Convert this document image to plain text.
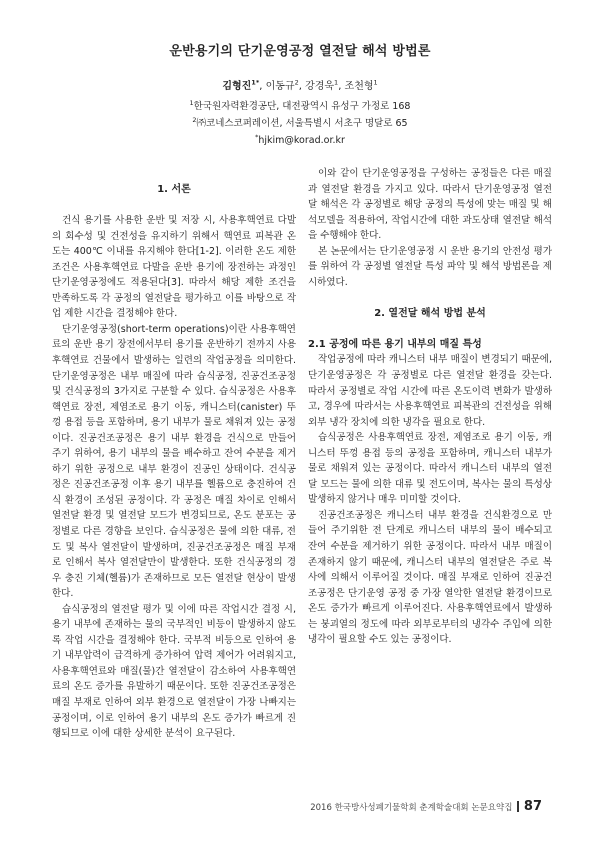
운반용기의 단기운영공정 열전달 해석 방법론
김형진$^{1*}$, 이동규$^2$, 강경욱$^1$, 조천형$^1$
$^1$한국원자력환경공단, 대전광역시 유성구 가정로 168
$^2$㈜코네스코퍼레이션, 서울특별시 서초구 명달로 65
*hjkim@korad.or.kr
1. 서론

건식 용기를 사용한 운반 및 저장 시, 사용후핵연료 다발의 회수성 및 건전성을 유지하기 위해서 핵연료 피복관 온도는 400℃ 이내를 유지해야 한다[1-2]. 이러한 온도 제한 조건은 사용후핵연료 다발을 운반 용기에 장전하는 과정인 단기운영공정에도 적용된다[3]. 따라서 해당 제한 조건을 만족하도록 각 공정의 열전달을 평가하고 이를 바탕으로 작업 제한 시간을 결정해야 한다.

단기운영공정(short-term operations)이란 사용후핵연료의 운반 용기 장전에서부터 용기를 운반하기 전까지 사용후핵연료 건물에서 발생하는 일련의 작업공정을 의미한다. 단기운영공정은 내부 매질에 따라 습식공정, 진공건조공정 및 건식공정의 3가지로 구분할 수 있다. 습식공정은 사용후핵연료 장전, 제염조로 용기 이동, 캐니스터(canister) 뚜껑 용접 등을 포함하며, 용기 내부가 물로 채워져 있는 공정이다. 진공건조공정은 용기 내부 환경을 건식으로 만들어 주기 위하여, 용기 내부의 물을 배수하고 잔여 수분을 제거하기 위한 공정으로 내부 환경이 진공인 상태이다. 건식공정은 진공건조공정 이후 용기 내부를 헬륨으로 충진하여 건식 환경이 조성된 공정이다. 각 공정은 매질 차이로 인해서 열전달 환경 및 열전달 모드가 변경되므로, 온도 분포는 공정별로 다른 경향을 보인다. 습식공정은 물에 의한 대류, 전도 및 복사 열전달이 발생하며, 진공건조공정은 매질 부재로 인해서 복사 열전달만이 발생한다. 또한 건식공정의 경우 충진 기체(헬륨)가 존재하므로 모든 열전달 현상이 발생한다.

습식공정의 열전달 평가 및 이에 따른 작업시간 결정 시, 용기 내부에 존재하는 물의 국부적인 비등이 발생하지 않도록 작업 시간을 결정해야 한다. 국부적 비등으로 인하여 용기 내부압력이 급격하게 증가하여 압력 제어가 어려워지고, 사용후핵연료와 매질(물)간 열전달이 감소하여 사용후핵연료의 온도 증가를 유발하기 때문이다. 또한 진공건조공정은 매질 부재로 인하여 외부 환경으로 열전달이 가장 나빠지는 공정이며, 이로 인하여 용기 내부의 온도 증가가 빠르게 진행되므로 이에 대한 상세한 분석이 요구된다.

이와 같이 단기운영공정을 구성하는 공정들은 다른 매질과 열전달 환경을 가지고 있다. 따라서 단기운영공정 열전달 해석은 각 공정별로 해당 공정의 특성에 맞는 매질 및 해석모델을 적용하여, 작업시간에 대한 과도상태 열전달 해석을 수행해야 한다.

본 논문에서는 단기운영공정 시 운반 용기의 안전성 평가를 위하여 각 공정별 열전달 특성 파악 및 해석 방법론을 제시하였다.

2. 열전달 해석 방법 분석
2.1 공정에 따른 용기 내부의 매질 특성

작업공정에 따라 캐니스터 내부 매질이 변경되기 때문에, 단기운영공정은 각 공정별로 다른 열전달 환경을 갖는다. 따라서 공정별로 작업 시간에 따른 온도이력 변화가 발생하고, 경우에 따라서는 사용후핵연료 피복관의 건전성을 위해 외부 냉각 장치에 의한 냉각을 필요로 한다.

습식공정은 사용후핵연료 장전, 제염조로 용기 이동, 캐니스터 뚜껑 용접 등의 공정을 포함하며, 캐니스터 내부가 물로 채워져 있는 공정이다. 따라서 캐니스터 내부의 열전달 모드는 물에 의한 대류 및 전도이며, 복사는 물의 특성상 발생하지 않거나 매우 미미할 것이다.

진공건조공정은 캐니스터 내부 환경을 건식환경으로 만들어 주기위한 전 단계로 캐니스터 내부의 물이 배수되고 잔여 수분을 제거하기 위한 공정이다. 따라서 내부 매질이 존재하지 않기 때문에, 캐니스터 내부의 열전달은 주로 복사에 의해서 이루어질 것이다. 매질 부재로 인하여 진공건조공정은 단기운영 공정 중 가장 열악한 열전달 환경이므로 온도 증가가 빠르게 이루어진다. 사용후핵연료에서 발생하는 붕괴열의 정도에 따라 외부로부터의 냉각수 주입에 의한 냉각이 필요할 수도 있는 공정이다.

2016 한국방사성폐기물학회 춘계학술대회 논문요약집 87
